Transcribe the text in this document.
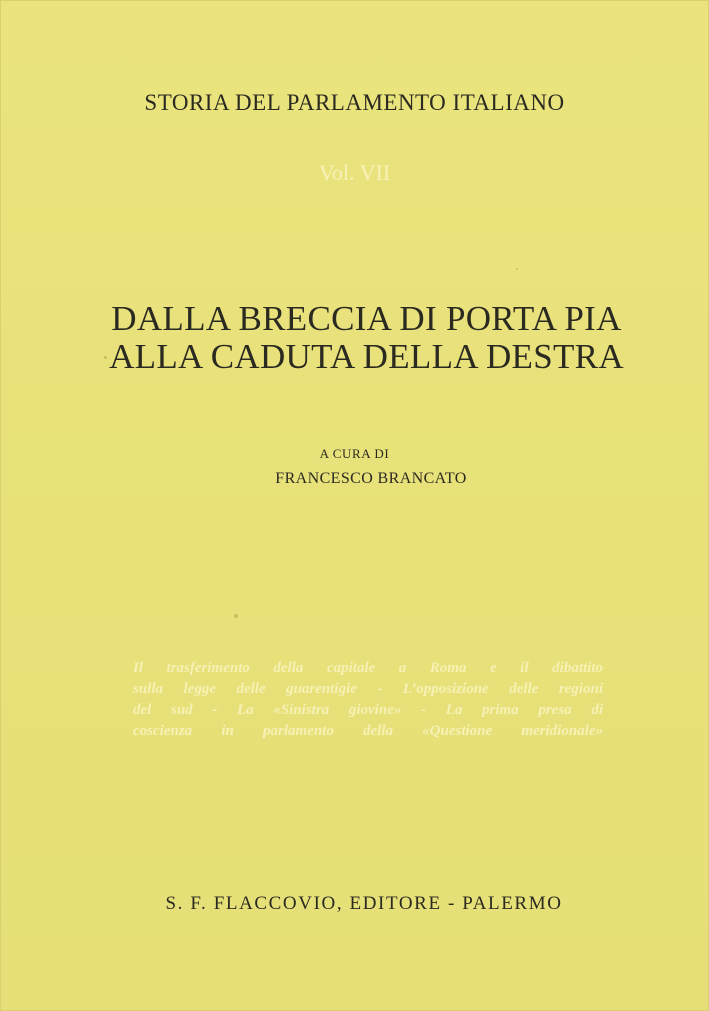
STORIA DEL PARLAMENTO ITALIANO
Vol. VII
DALLA BRECCIA DI PORTA PIA
ALLA CADUTA DELLA DESTRA
A CURA DI
FRANCESCO BRANCATO
Il trasferimento della capitale a Roma e il dibattito
sulla legge delle guarentigie - L’opposizione delle regioni
del sud - La «Sinistra giovine» - La prima presa di
coscienza in parlamento della «Questione meridionale»
S. F. FLACCOVIO, EDITORE - PALERMO
